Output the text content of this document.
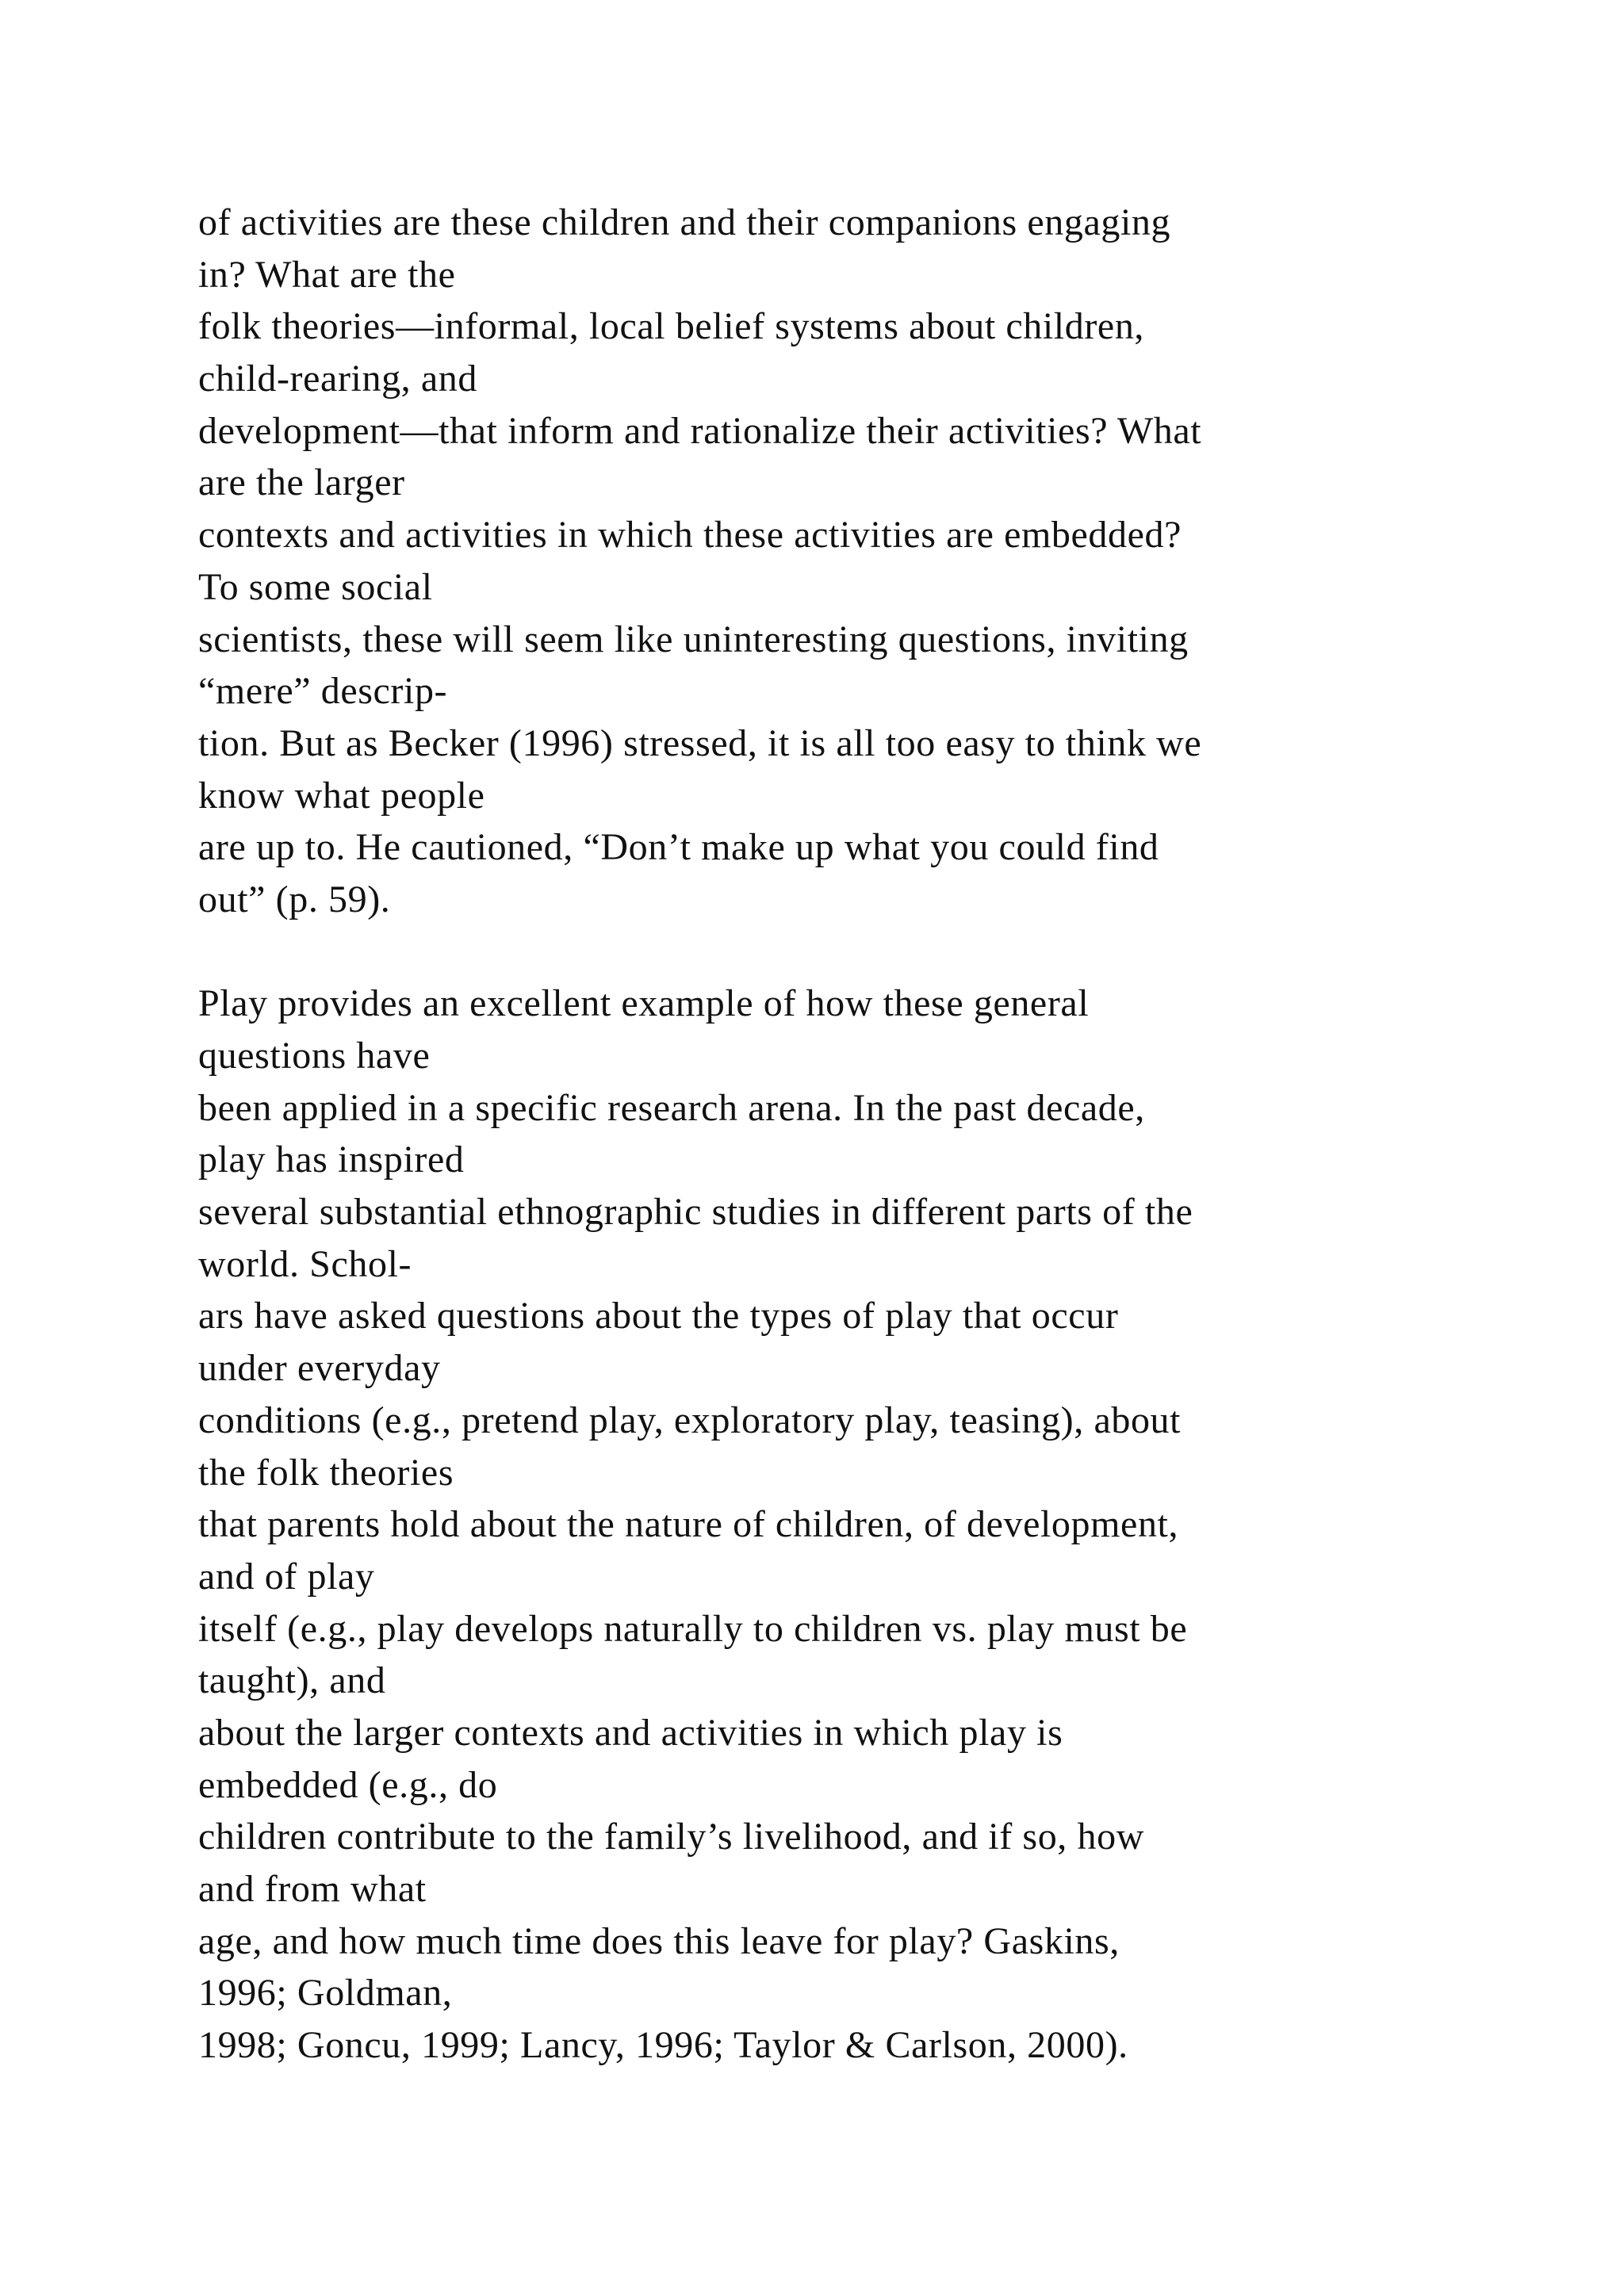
of activities are these children and their companions engaging
in? What are the
folk theories—informal, local belief systems about children,
child-rearing, and
development—that inform and rationalize their activities? What
are the larger
contexts and activities in which these activities are embedded?
To some social
scientists, these will seem like uninteresting questions, inviting
“mere” descrip-
tion. But as Becker (1996) stressed, it is all too easy to think we
know what people
are up to. He cautioned, “Don’t make up what you could find
out” (p. 59).
Play provides an excellent example of how these general
questions have
been applied in a specific research arena. In the past decade,
play has inspired
several substantial ethnographic studies in different parts of the
world. Schol-
ars have asked questions about the types of play that occur
under everyday
conditions (e.g., pretend play, exploratory play, teasing), about
the folk theories
that parents hold about the nature of children, of development,
and of play
itself (e.g., play develops naturally to children vs. play must be
taught), and
about the larger contexts and activities in which play is
embedded (e.g., do
children contribute to the family’s livelihood, and if so, how
and from what
age, and how much time does this leave for play? Gaskins,
1996; Goldman,
1998; Goncu, 1999; Lancy, 1996; Taylor & Carlson, 2000).
